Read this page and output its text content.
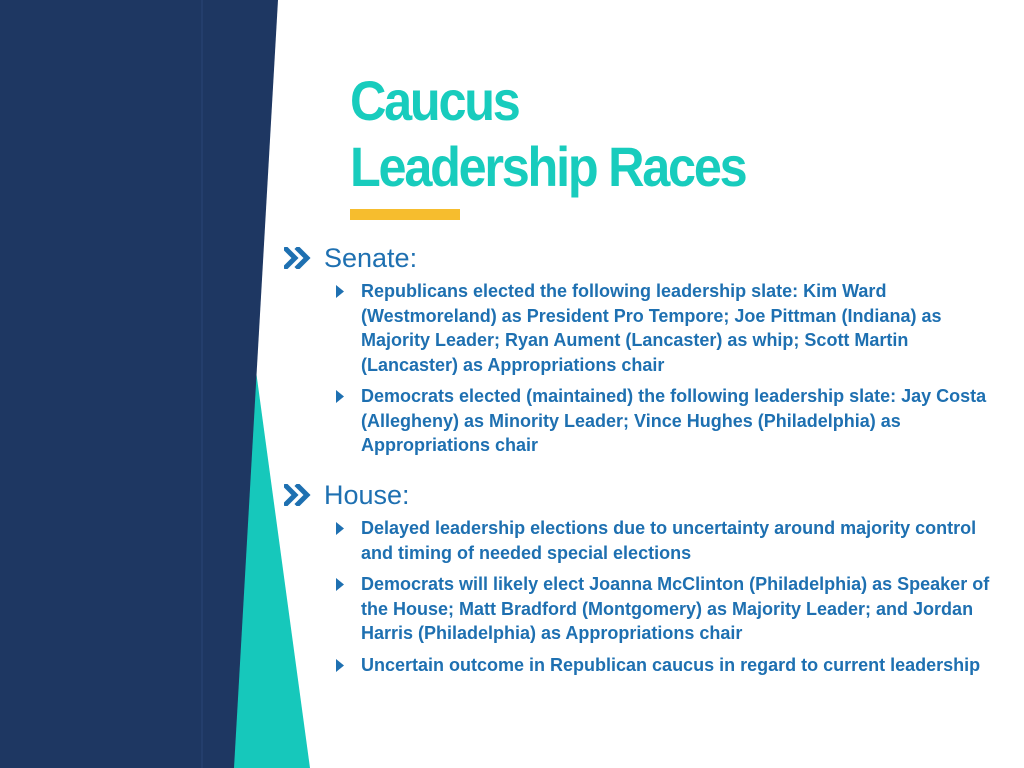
Caucus
Leadership Races
Senate:
Republicans elected the following leadership slate: Kim Ward (Westmoreland) as President Pro Tempore; Joe Pittman (Indiana) as Majority Leader; Ryan Aument (Lancaster) as whip; Scott Martin (Lancaster) as Appropriations chair
Democrats elected (maintained) the following leadership slate: Jay Costa (Allegheny) as Minority Leader; Vince Hughes (Philadelphia) as Appropriations chair
House:
Delayed leadership elections due to uncertainty around majority control and timing of needed special elections
Democrats will likely elect Joanna McClinton (Philadelphia) as Speaker of the House; Matt Bradford (Montgomery) as Majority Leader; and Jordan Harris (Philadelphia) as Appropriations chair
Uncertain outcome in Republican caucus in regard to current leadership
